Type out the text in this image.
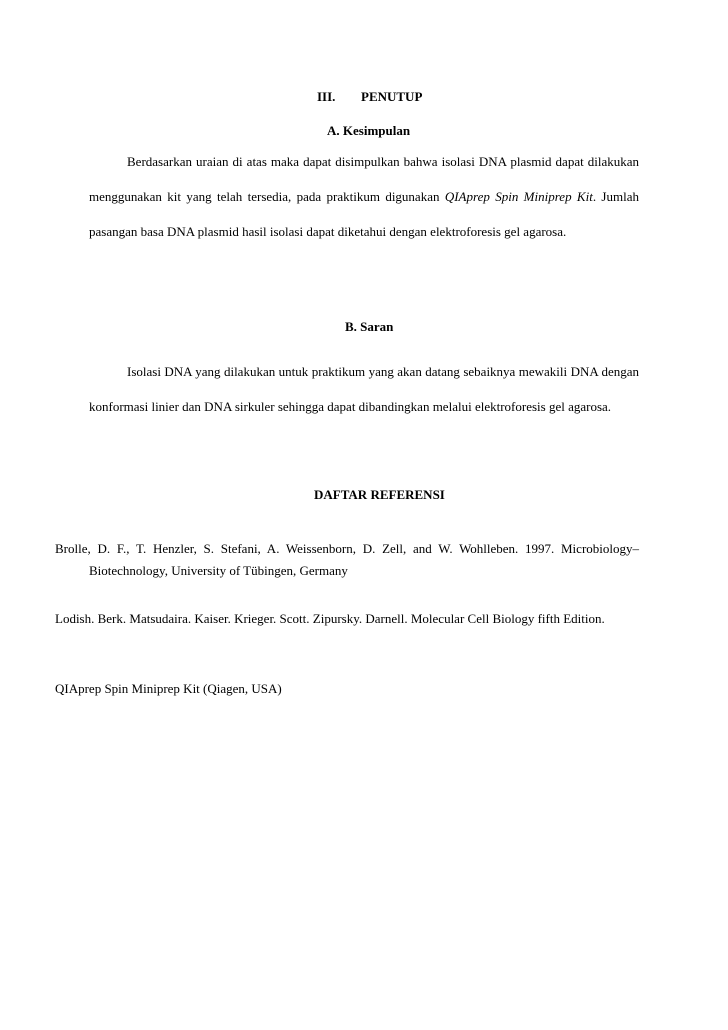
III. PENUTUP
A. Kesimpulan
Berdasarkan uraian di atas maka dapat disimpulkan bahwa isolasi DNA plasmid dapat dilakukan menggunakan kit yang telah tersedia, pada praktikum digunakan QIAprep Spin Miniprep Kit. Jumlah pasangan basa DNA plasmid hasil isolasi dapat diketahui dengan elektroforesis gel agarosa.
B. Saran
Isolasi DNA yang dilakukan untuk praktikum yang akan datang sebaiknya mewakili DNA dengan konformasi linier dan DNA sirkuler sehingga dapat dibandingkan melalui elektroforesis gel agarosa.
DAFTAR REFERENSI
Brolle, D. F., T. Henzler, S. Stefani, A. Weissenborn, D. Zell, and W. Wohlleben. 1997. Microbiology–Biotechnology, University of Tübingen, Germany
Lodish. Berk. Matsudaira. Kaiser. Krieger. Scott. Zipursky. Darnell. Molecular Cell Biology fifth Edition.
QIAprep Spin Miniprep Kit (Qiagen, USA)
